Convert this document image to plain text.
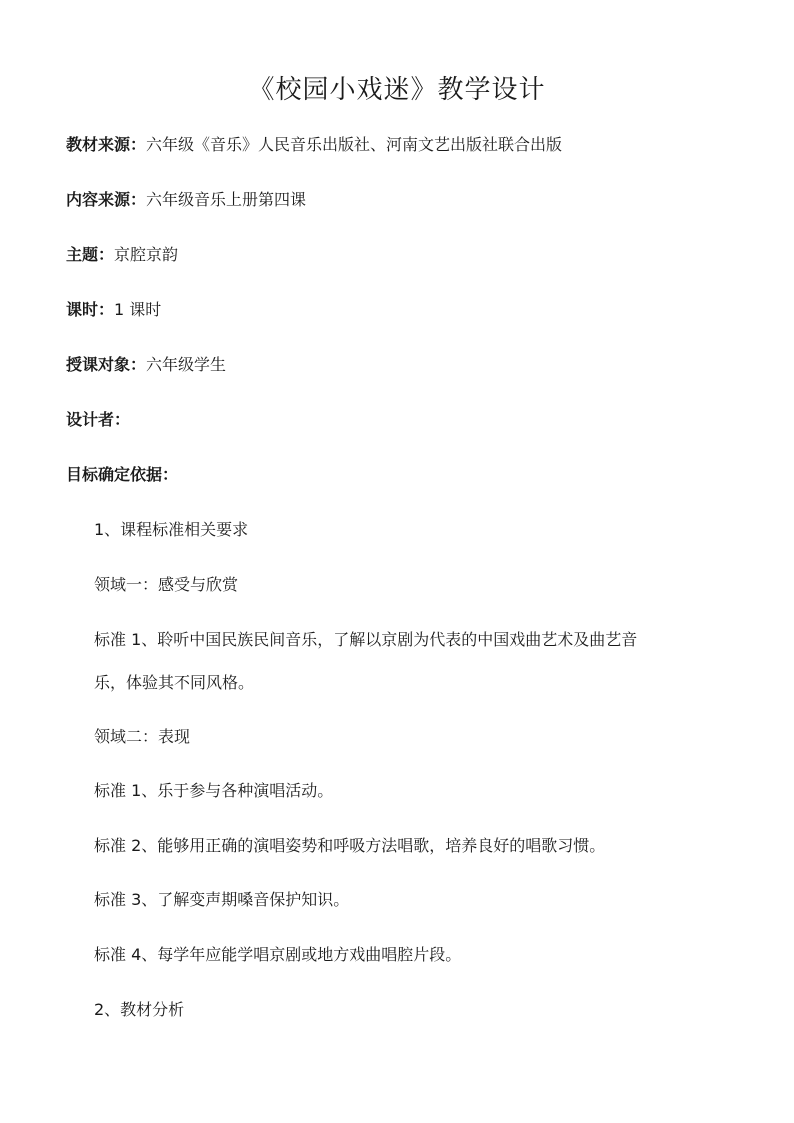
《校园小戏迷》教学设计
教材来源：六年级《音乐》人民音乐出版社、河南文艺出版社联合出版
内容来源：六年级音乐上册第四课
主题：京腔京韵
课时：1 课时
授课对象：六年级学生
设计者：
目标确定依据：
1、课程标准相关要求
领域一：感受与欣赏
标准 1、聆听中国民族民间音乐，了解以京剧为代表的中国戏曲艺术及曲艺音
乐，体验其不同风格。
领域二：表现
标准 1、乐于参与各种演唱活动。
标准 2、能够用正确的演唱姿势和呼吸方法唱歌，培养良好的唱歌习惯。
标准 3、了解变声期嗓音保护知识。
标准 4、每学年应能学唱京剧或地方戏曲唱腔片段。
2、教材分析
